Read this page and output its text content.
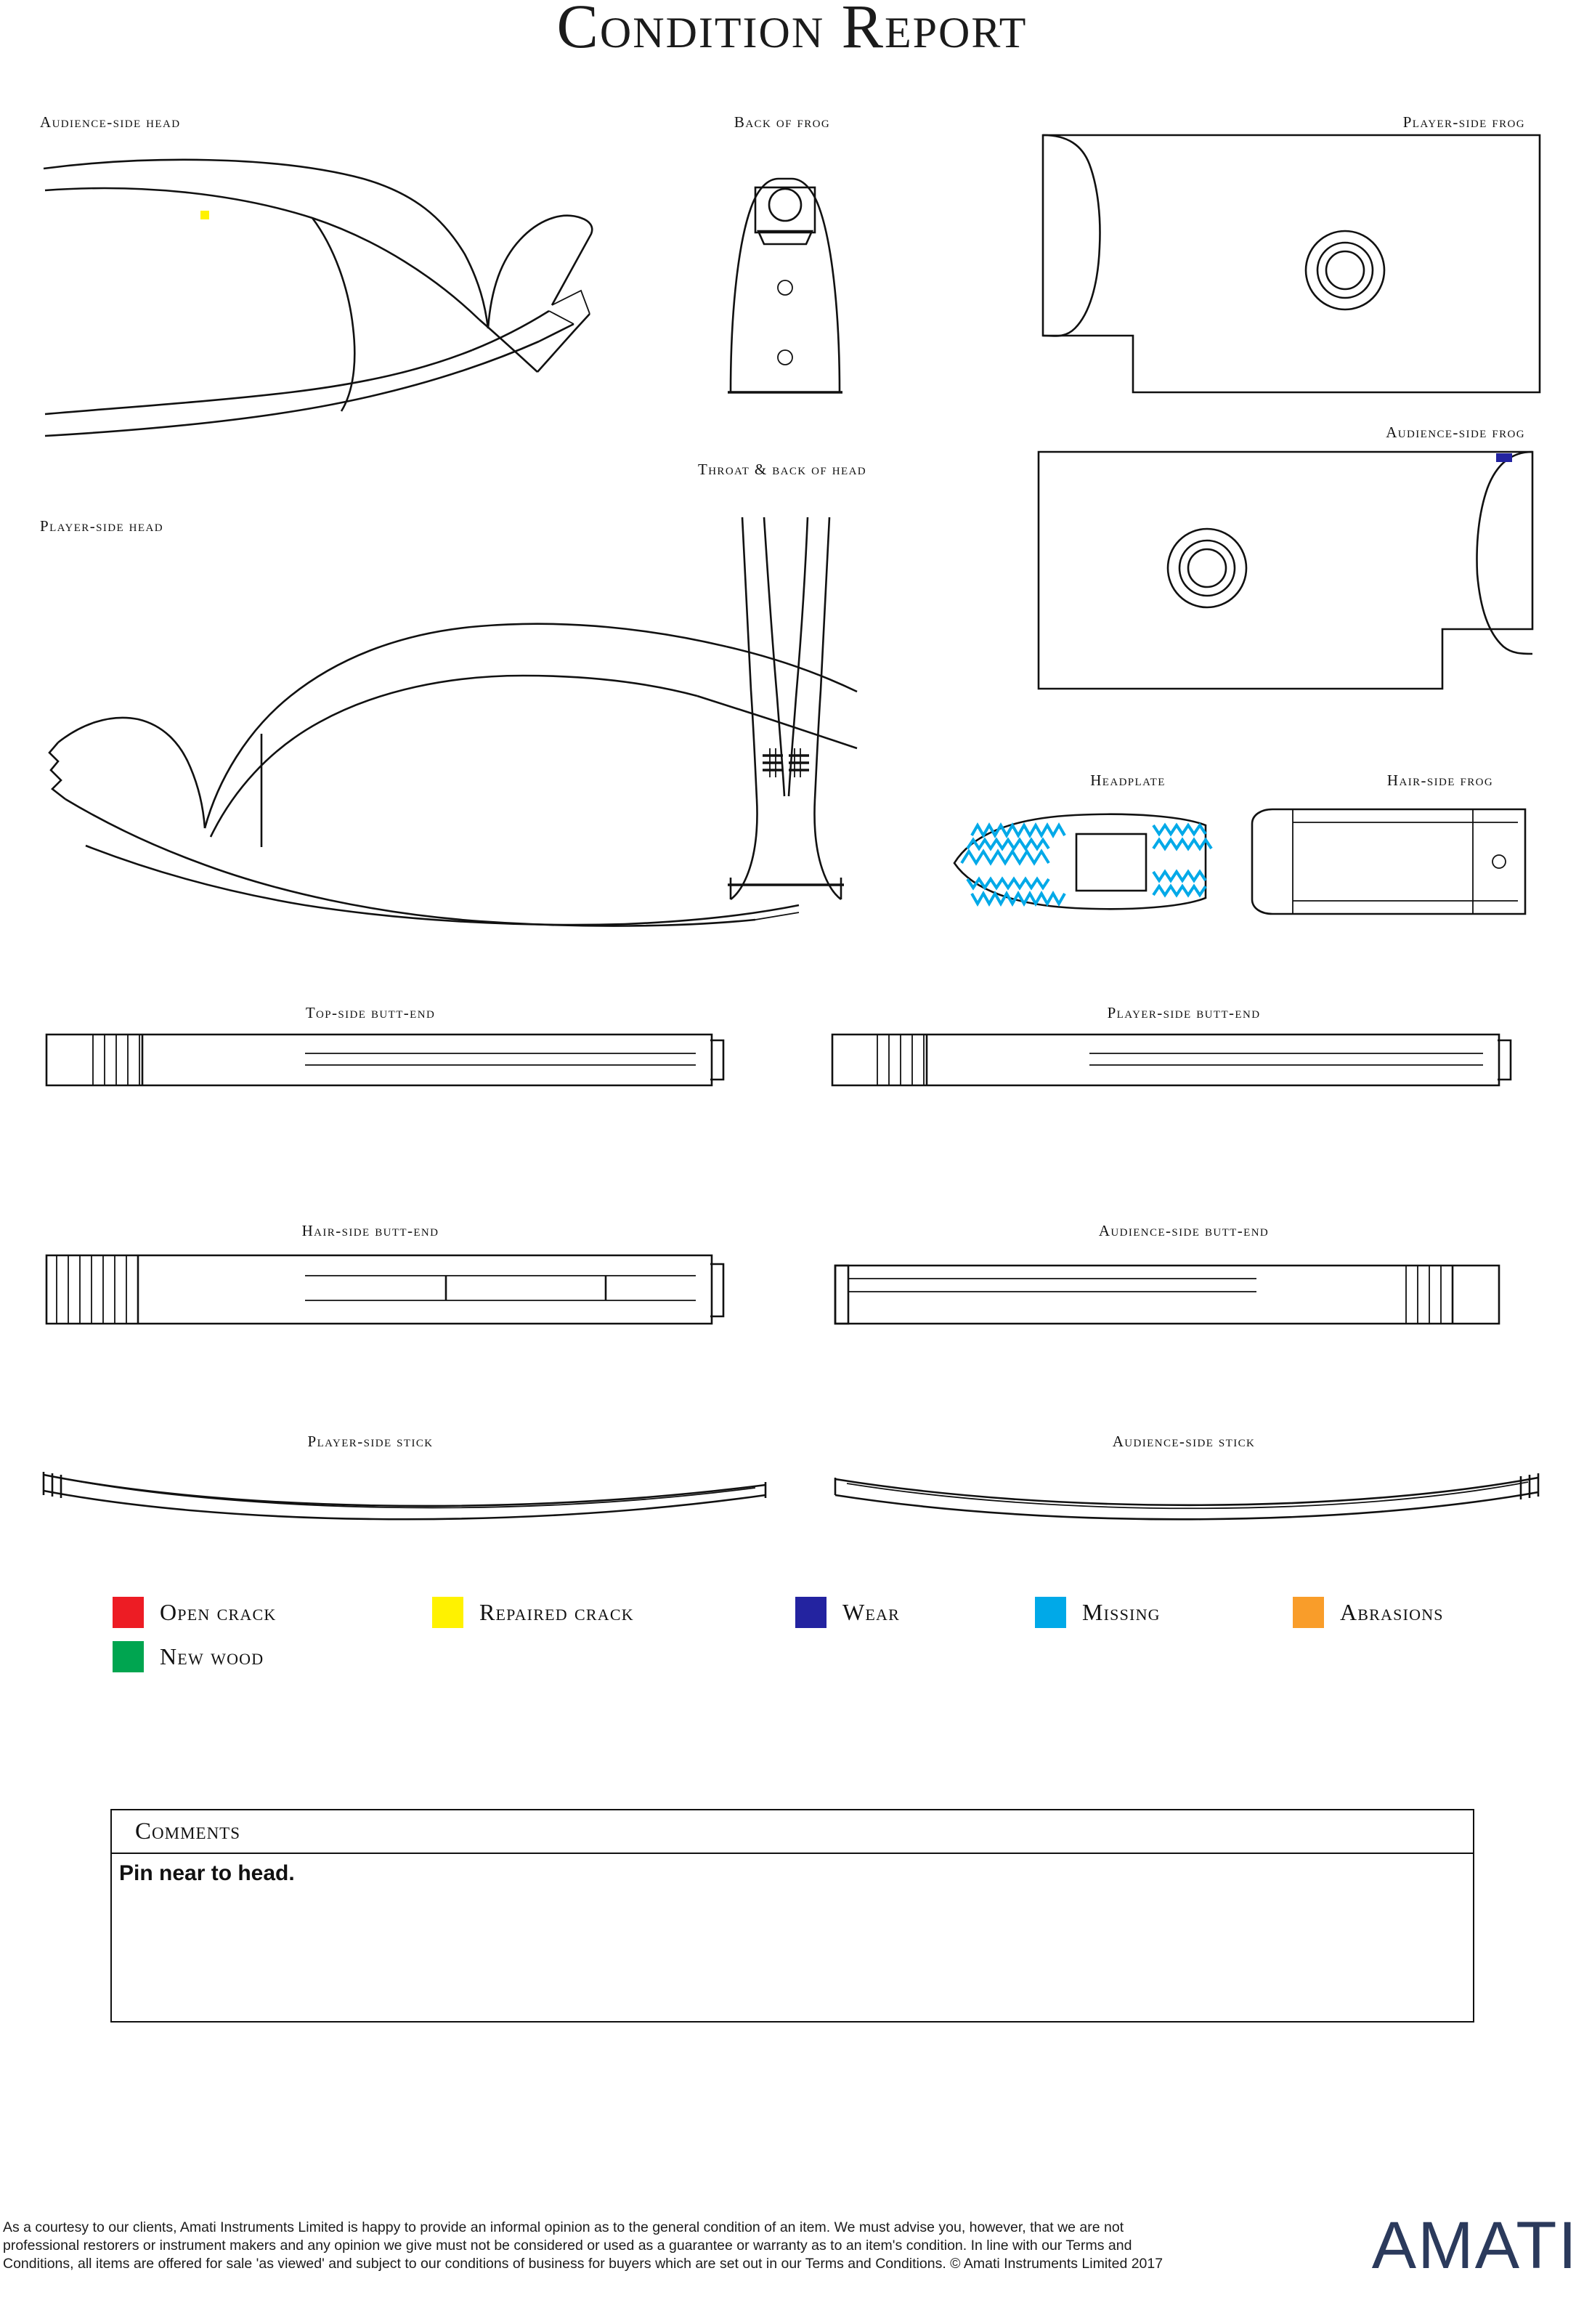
Condition Report
Audience-side head	Back of frog	Player-side frog
Audience-side frog
Throat & back of head
Player-side head
Headplate	Hair-side frog
Top-side butt-end	Player-side butt-end
Hair-side butt-end	Audience-side butt-end
Player-side stick	Audience-side stick
Open crack	Repaired crack	Wear	Missing	Abrasions
New wood
Comments
Pin near to head.
As a courtesy to our clients, Amati Instruments Limited is happy to provide an informal opinion as to the general condition of an item. We must advise you, however, that we are not professional restorers or instrument makers and any opinion we give must not be considered or used as a guarantee or warranty as to an item's condition. In line with our Terms and Conditions, all items are offered for sale 'as viewed' and subject to our conditions of business for buyers which are set out in our Terms and Conditions. © Amati Instruments Limited 2017	AMATI
